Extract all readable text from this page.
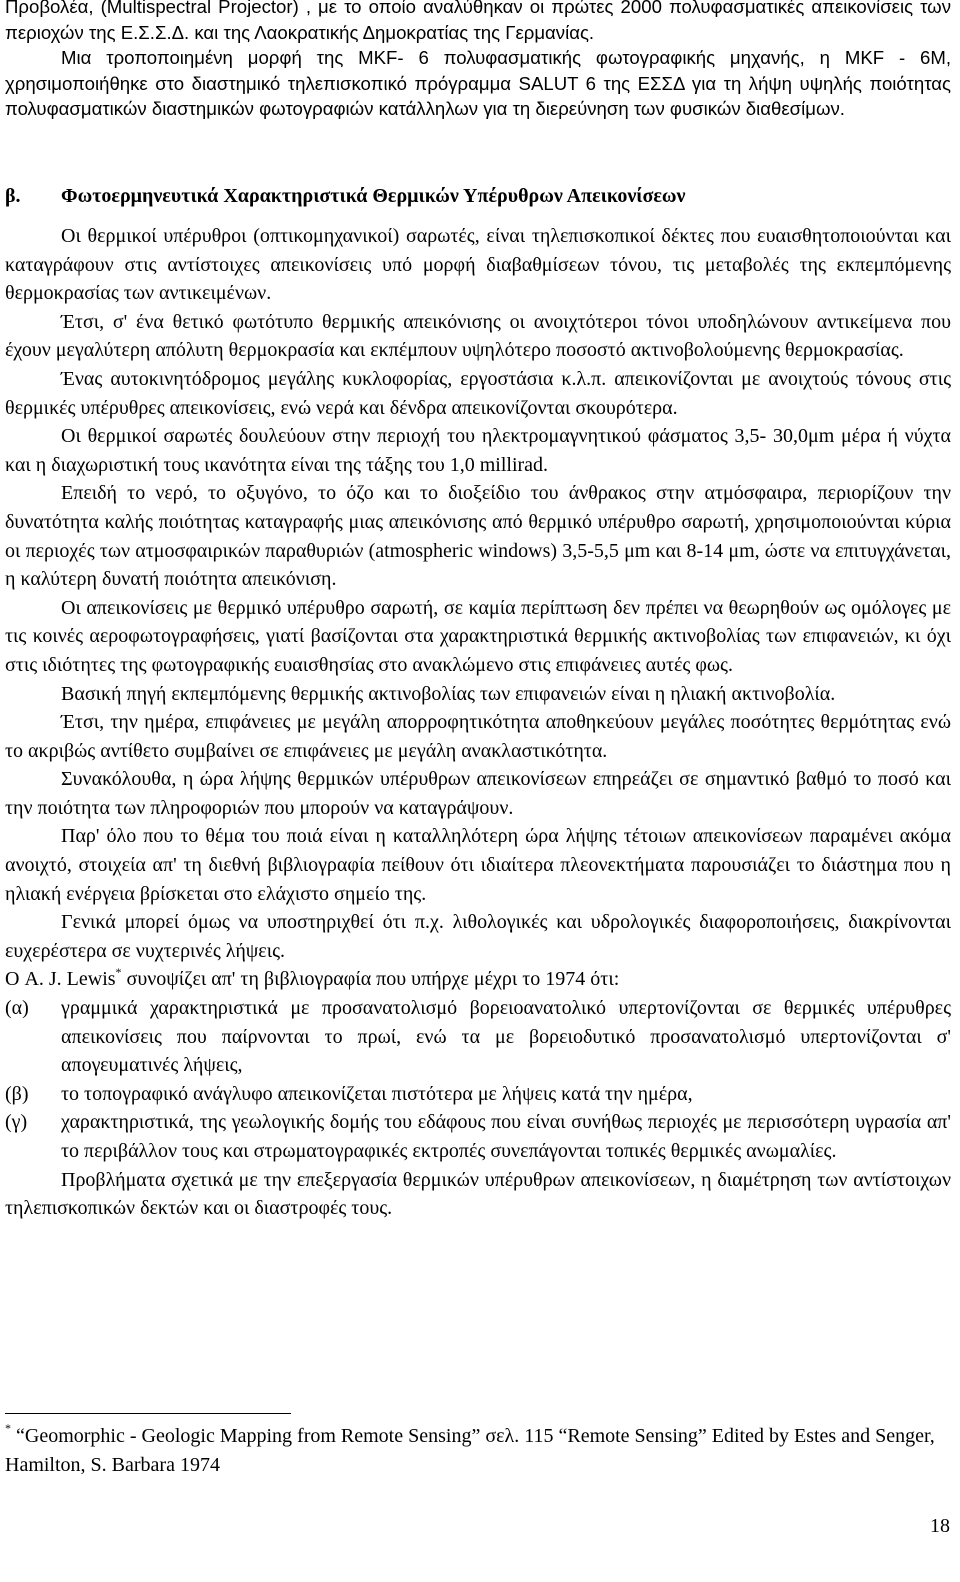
Προβολέα, (Multispectral Projector) , με το οποίο αναλύθηκαν οι πρώτες 2000 πολυφασματικές απεικονίσεις των περιοχών της Ε.Σ.Σ.Δ. και της Λαοκρατικής Δημοκρατίας της Γερμανίας.

Μια τροποποιημένη μορφή της MKF- 6 πολυφασματικής φωτογραφικής μηχανής, η MKF - 6M, χρησιμοποιήθηκε στο διαστημικό τηλεπισκοπικό πρόγραμμα SALUT 6 της ΕΣΣΔ για τη λήψη υψηλής ποιότητας πολυφασματικών διαστημικών φωτογραφιών κατάλληλων για τη διερεύνηση των φυσικών διαθεσίμων.

β. Φωτοερμηνευτικά Χαρακτηριστικά Θερμικών Υπέρυθρων Απεικονίσεων

Οι θερμικοί υπέρυθροι (οπτικομηχανικοί) σαρωτές, είναι τηλεπισκοπικοί δέκτες που ευαισθητοποιούνται και καταγράφουν στις αντίστοιχες απεικονίσεις υπό μορφή διαβαθμίσεων τόνου, τις μεταβολές της εκπεμπόμενης θερμοκρασίας των αντικειμένων.

Έτσι, σ' ένα θετικό φωτότυπο θερμικής απεικόνισης οι ανοιχτότεροι τόνοι υποδηλώνουν αντικείμενα που έχουν μεγαλύτερη απόλυτη θερμοκρασία και εκπέμπουν υψηλότερο ποσοστό ακτινοβολούμενης θερμοκρασίας.

Ένας αυτοκινητόδρομος μεγάλης κυκλοφορίας, εργοστάσια κ.λ.π. απεικονίζονται με ανοιχτούς τόνους στις θερμικές υπέρυθρες απεικονίσεις, ενώ νερά και δένδρα απεικονίζονται σκουρότερα.

Οι θερμικοί σαρωτές δουλεύουν στην περιοχή του ηλεκτρομαγνητικού φάσματος 3,5- 30,0μm μέρα ή νύχτα και η διαχωριστική τους ικανότητα είναι της τάξης του 1,0 millirad.

Επειδή το νερό, το οξυγόνο, το όζο και το διοξείδιο του άνθρακος στην ατμόσφαιρα, περιορίζουν την δυνατότητα καλής ποιότητας καταγραφής μιας απεικόνισης από θερμικό υπέρυθρο σαρωτή, χρησιμοποιούνται κύρια οι περιοχές των ατμοσφαιρικών παραθυριών (atmospheric windows) 3,5-5,5 μm και 8-14 μm, ώστε να επιτυγχάνεται, η καλύτερη δυνατή ποιότητα απεικόνιση.

Οι απεικονίσεις με θερμικό υπέρυθρο σαρωτή, σε καμία περίπτωση δεν πρέπει να θεωρηθούν ως ομόλογες με τις κοινές αεροφωτογραφήσεις, γιατί βασίζονται στα χαρακτηριστικά θερμικής ακτινοβολίας των επιφανειών, κι όχι στις ιδιότητες της φωτογραφικής ευαισθησίας στο ανακλώμενο στις επιφάνειες αυτές φως.

Βασική πηγή εκπεμπόμενης θερμικής ακτινοβολίας των επιφανειών είναι η ηλιακή ακτινοβολία.

Έτσι, την ημέρα, επιφάνειες με μεγάλη απορροφητικότητα αποθηκεύουν μεγάλες ποσότητες θερμότητας ενώ το ακριβώς αντίθετο συμβαίνει σε επιφάνειες με μεγάλη ανακλαστικότητα.

Συνακόλουθα, η ώρα λήψης θερμικών υπέρυθρων απεικονίσεων επηρεάζει σε σημαντικό βαθμό το ποσό και την ποιότητα των πληροφοριών που μπορούν να καταγράψουν.

Παρ' όλο που το θέμα του ποιά είναι η καταλληλότερη ώρα λήψης τέτοιων απεικονίσεων παραμένει ακόμα ανοιχτό, στοιχεία απ' τη διεθνή βιβλιογραφία πείθουν ότι ιδιαίτερα πλεονεκτήματα παρουσιάζει το διάστημα που η ηλιακή ενέργεια βρίσκεται στο ελάχιστο σημείο της.

Γενικά μπορεί όμως να υποστηριχθεί ότι π.χ. λιθολογικές και υδρολογικές διαφοροποιήσεις, διακρίνονται ευχερέστερα σε νυχτερινές λήψεις.

Ο A. J. Lewis* συνοψίζει απ' τη βιβλιογραφία που υπήρχε μέχρι το 1974 ότι:

(α)	γραμμικά χαρακτηριστικά με προσανατολισμό βορειοανατολικό υπερτονίζονται σε θερμικές υπέρυθρες απεικονίσεις που παίρνονται το πρωί, ενώ τα με βορειοδυτικό προσανατολισμό υπερτονίζονται σ' απογευματινές λήψεις,
(β)	το τοπογραφικό ανάγλυφο απεικονίζεται πιστότερα με λήψεις κατά την ημέρα,
(γ)	χαρακτηριστικά, της γεωλογικής δομής του εδάφους που είναι συνήθως περιοχές με περισσότερη υγρασία απ' το περιβάλλον τους και στρωματογραφικές εκτροπές συνεπάγονται τοπικές θερμικές ανωμαλίες.

Προβλήματα σχετικά με την επεξεργασία θερμικών υπέρυθρων απεικονίσεων, η διαμέτρηση των αντίστοιχων τηλεπισκοπικών δεκτών και οι διαστροφές τους.

* “Geomorphic - Geologic Mapping from Remote Sensing” σελ. 115 “Remote Sensing” Edited by Estes and Senger, Hamilton, S. Barbara 1974

18
